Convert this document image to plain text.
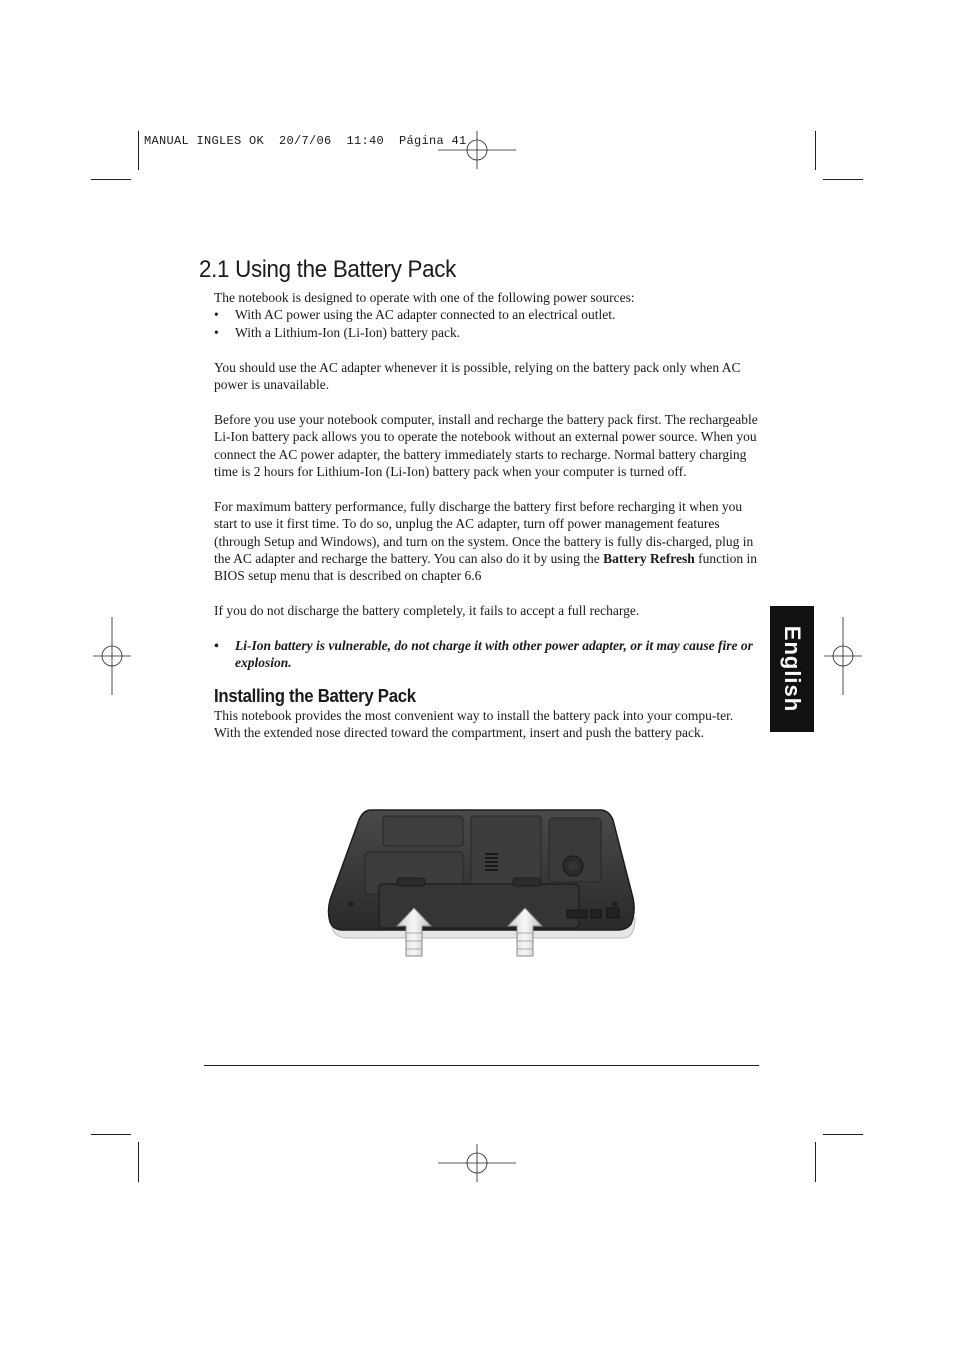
MANUAL INGLES OK  20/7/06  11:40  Página 41
2.1 Using the Battery Pack

The notebook is designed to operate with one of the following power sources:

•	With AC power using the AC adapter connected to an electrical outlet.
•	With a Lithium-Ion (Li-Ion) battery pack.

You should use the AC adapter whenever it is possible, relying on the battery pack only when AC power is unavailable.

Before you use your notebook computer, install and recharge the battery pack first. The rechargeable Li-Ion battery pack allows you to operate the notebook without an external power source. When you connect the AC power adapter, the battery immediately starts to recharge. Normal battery charging time is 2 hours for Lithium-Ion (Li-Ion) battery pack when your computer is turned off.

For maximum battery performance, fully discharge the battery first before recharging it when you start to use it first time. To do so, unplug the AC adapter, turn off power management features (through Setup and Windows), and turn on the system. Once the battery is fully dis-charged, plug in the AC adapter and recharge the battery. You can also do it by using the Battery Refresh function in BIOS setup menu that is described on chapter 6.6

If you do not discharge the battery completely, it fails to accept a full recharge.

•	Li-Ion battery is vulnerable, do not charge it with other power adapter, or it may cause fire or explosion.
Installing the Battery Pack

This notebook provides the most convenient way to install the battery pack into your compu-ter. With the extended nose directed toward the compartment, insert and push the battery pack.

English
